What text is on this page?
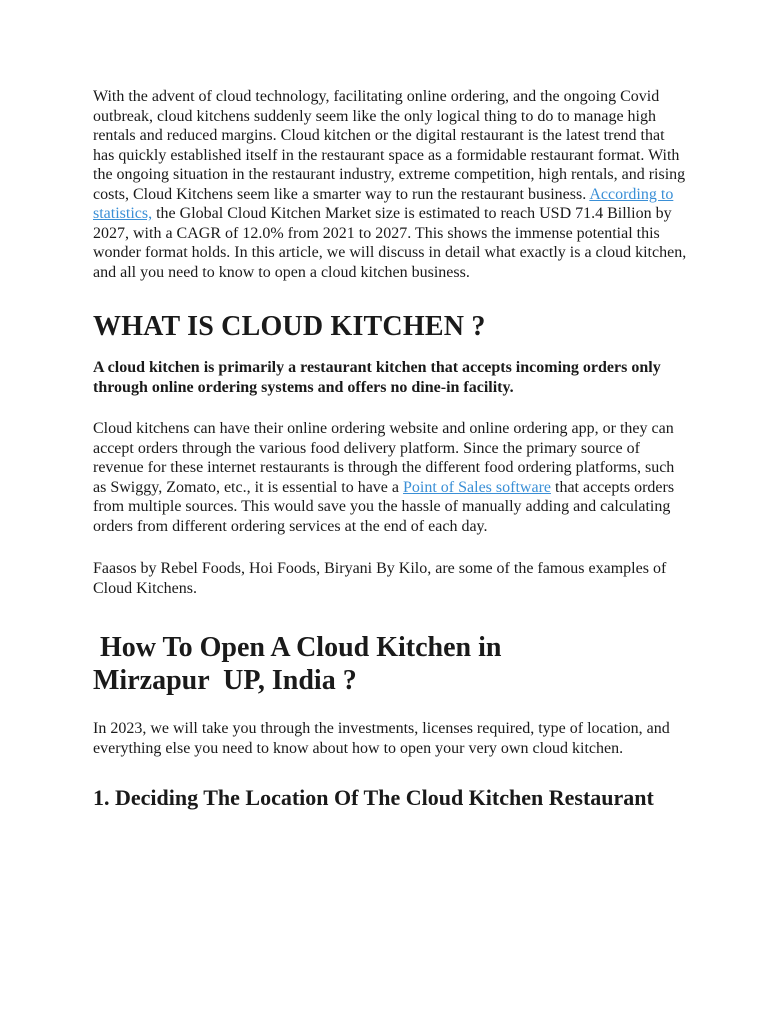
With the advent of cloud technology, facilitating online ordering, and the ongoing Covid outbreak, cloud kitchens suddenly seem like the only logical thing to do to manage high rentals and reduced margins. Cloud kitchen or the digital restaurant is the latest trend that has quickly established itself in the restaurant space as a formidable restaurant format. With the ongoing situation in the restaurant industry, extreme competition, high rentals, and rising costs, Cloud Kitchens seem like a smarter way to run the restaurant business. According to statistics, the Global Cloud Kitchen Market size is estimated to reach USD 71.4 Billion by 2027, with a CAGR of 12.0% from 2021 to 2027. This shows the immense potential this wonder format holds. In this article, we will discuss in detail what exactly is a cloud kitchen, and all you need to know to open a cloud kitchen business.

WHAT IS CLOUD KITCHEN ?

A cloud kitchen is primarily a restaurant kitchen that accepts incoming orders only through online ordering systems and offers no dine-in facility.

Cloud kitchens can have their online ordering website and online ordering app, or they can accept orders through the various food delivery platform. Since the primary source of revenue for these internet restaurants is through the different food ordering platforms, such as Swiggy, Zomato, etc., it is essential to have a Point of Sales software that accepts orders from multiple sources. This would save you the hassle of manually adding and calculating orders from different ordering services at the end of each day.

Faasos by Rebel Foods, Hoi Foods, Biryani By Kilo, are some of the famous examples of Cloud Kitchens.

How To Open A Cloud Kitchen in
Mirzapur  UP, India ?

In 2023, we will take you through the investments, licenses required, type of location, and everything else you need to know about how to open your very own cloud kitchen.

1. Deciding The Location Of The Cloud Kitchen Restaurant
